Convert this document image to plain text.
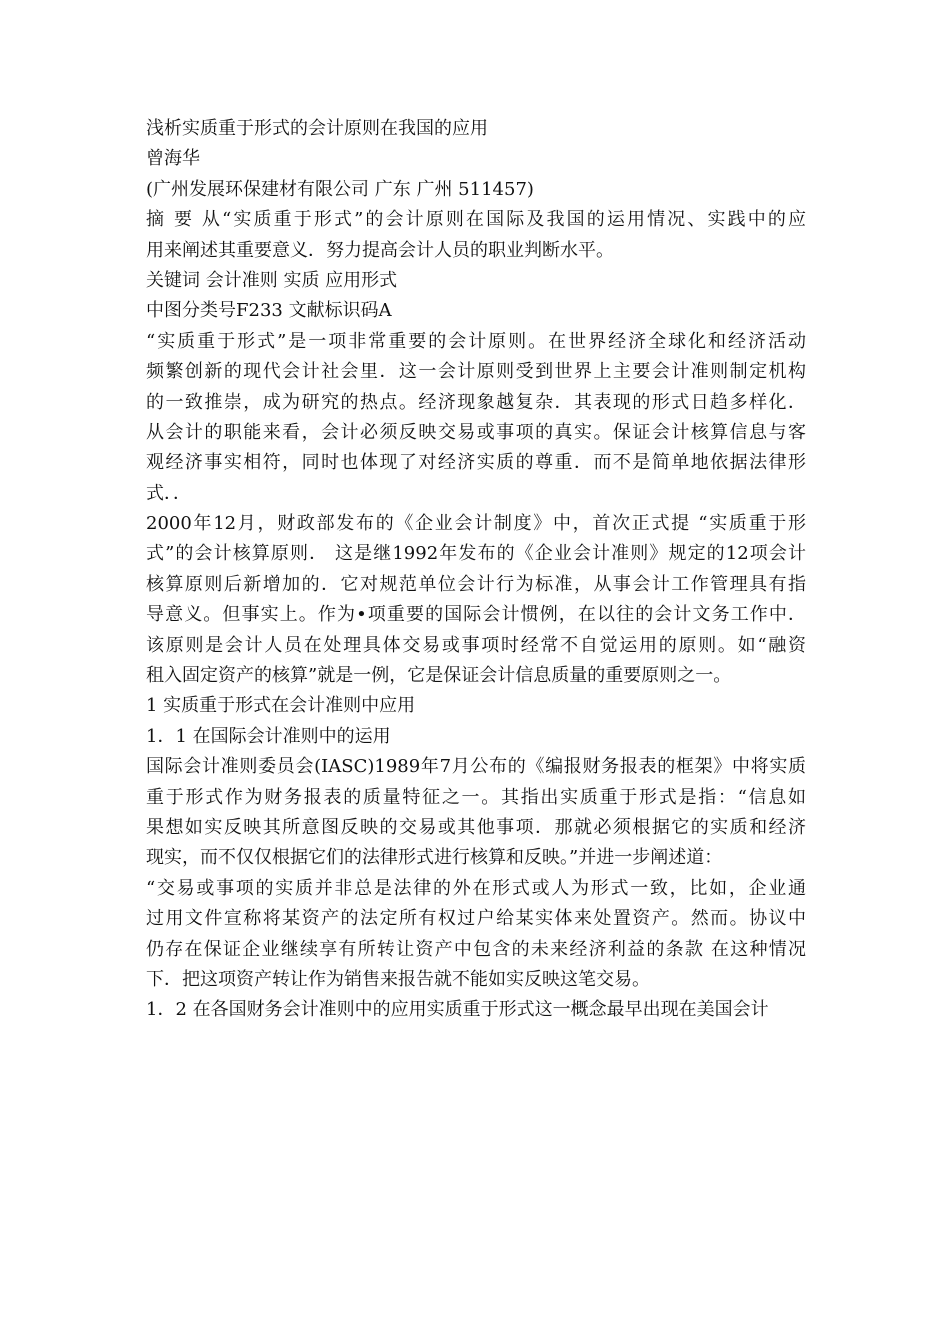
浅析实质重于形式的会计原则在我国的应用
曾海华
(广州发展环保建材有限公司 广东 广州 511457)
摘 要 从“实质重于形式”的会计原则在国际及我国的运用情况、实践中的应
用来阐述其重要意义．努力提高会计人员的职业判断水平。
关键词 会计准则 实质 应用形式
中图分类号F233 文献标识码A
“实质重于形式”是一项非常重要的会计原则。在世界经济全球化和经济活动
频繁创新的现代会计社会里．这一会计原则受到世界上主要会计准则制定机构
的一致推崇，成为研究的热点。经济现象越复杂．其表现的形式日趋多样化．
从会计的职能来看，会计必须反映交易或事项的真实。保证会计核算信息与客
观经济事实相符，同时也体现了对经济实质的尊重．而不是简单地依据法律形
式．．
2000年12月，财政部发布的《企业会计制度》中，首次正式提 “实质重于形
式”的会计核算原则． 这是继1992年发布的《企业会计准则》规定的12项会计
核算原则后新增加的．它对规范单位会计行为标准，从事会计工作管理具有指
导意义。但事实上。作为•项重要的国际会计惯例，在以往的会计文务工作中．
该原则是会计人员在处理具体交易或事项时经常不自觉运用的原则。如“融资
租入固定资产的核算”就是一例，它是保证会计信息质量的重要原则之一。
1 实质重于形式在会计准则中应用
1．1 在国际会计准则中的运用
国际会计准则委员会(IASC)1989年7月公布的《编报财务报表的框架》中将实质
重于形式作为财务报表的质量特征之一。其指出实质重于形式是指：“信息如
果想如实反映其所意图反映的交易或其他事项．那就必须根据它的实质和经济
现实，而不仅仅根据它们的法律形式进行核算和反映。”并进一步阐述道：
“交易或事项的实质并非总是法律的外在形式或人为形式一致，比如，企业通
过用文件宣称将某资产的法定所有权过户给某实体来处置资产。然而。协议中
仍存在保证企业继续享有所转让资产中包含的未来经济利益的条款 在这种情况
下．把这项资产转让作为销售来报告就不能如实反映这笔交易。
1．2 在各国财务会计准则中的应用实质重于形式这一概念最早出现在美国会计
